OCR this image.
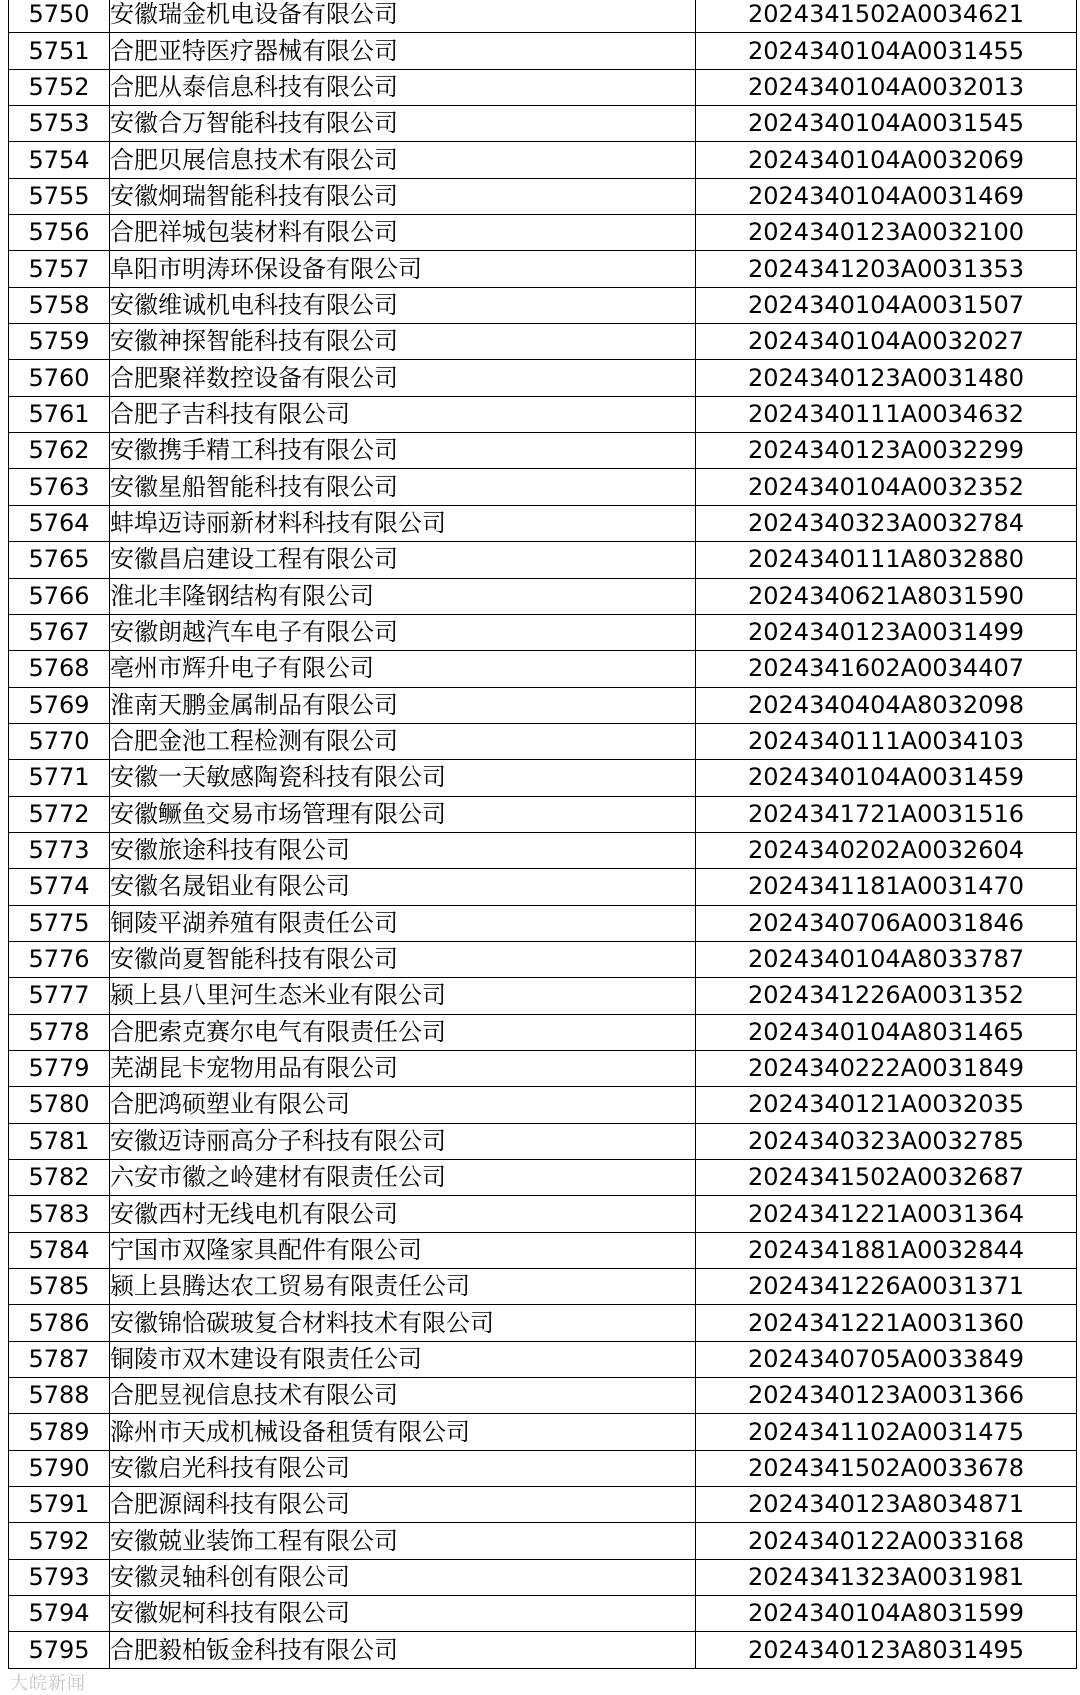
5750	安徽瑞金机电设备有限公司	2024341502A0034621
5751	合肥亚特医疗器械有限公司	2024340104A0031455
5752	合肥从泰信息科技有限公司	2024340104A0032013
5753	安徽合万智能科技有限公司	2024340104A0031545
5754	合肥贝展信息技术有限公司	2024340104A0032069
5755	安徽炯瑞智能科技有限公司	2024340104A0031469
5756	合肥祥城包装材料有限公司	2024340123A0032100
5757	阜阳市明涛环保设备有限公司	2024341203A0031353
5758	安徽维诚机电科技有限公司	2024340104A0031507
5759	安徽神探智能科技有限公司	2024340104A0032027
5760	合肥聚祥数控设备有限公司	2024340123A0031480
5761	合肥子吉科技有限公司	2024340111A0034632
5762	安徽携手精工科技有限公司	2024340123A0032299
5763	安徽星船智能科技有限公司	2024340104A0032352
5764	蚌埠迈诗丽新材料科技有限公司	2024340323A0032784
5765	安徽昌启建设工程有限公司	2024340111A8032880
5766	淮北丰隆钢结构有限公司	2024340621A8031590
5767	安徽朗越汽车电子有限公司	2024340123A0031499
5768	亳州市辉升电子有限公司	2024341602A0034407
5769	淮南天鹏金属制品有限公司	2024340404A8032098
5770	合肥金池工程检测有限公司	2024340111A0034103
5771	安徽一天敏感陶瓷科技有限公司	2024340104A0031459
5772	安徽鳜鱼交易市场管理有限公司	2024341721A0031516
5773	安徽旅途科技有限公司	2024340202A0032604
5774	安徽名晟铝业有限公司	2024341181A0031470
5775	铜陵平湖养殖有限责任公司	2024340706A0031846
5776	安徽尚夏智能科技有限公司	2024340104A8033787
5777	颍上县八里河生态米业有限公司	2024341226A0031352
5778	合肥索克赛尔电气有限责任公司	2024340104A8031465
5779	芜湖昆卡宠物用品有限公司	2024340222A0031849
5780	合肥鸿硕塑业有限公司	2024340121A0032035
5781	安徽迈诗丽高分子科技有限公司	2024340323A0032785
5782	六安市徽之岭建材有限责任公司	2024341502A0032687
5783	安徽西村无线电机有限公司	2024341221A0031364
5784	宁国市双隆家具配件有限公司	2024341881A0032844
5785	颍上县腾达农工贸易有限责任公司	2024341226A0031371
5786	安徽锦恰碳玻复合材料技术有限公司	2024341221A0031360
5787	铜陵市双木建设有限责任公司	2024340705A0033849
5788	合肥昱视信息技术有限公司	2024340123A0031366
5789	滁州市天成机械设备租赁有限公司	2024341102A0031475
5790	安徽启光科技有限公司	2024341502A0033678
5791	合肥源阔科技有限公司	2024340123A8034871
5792	安徽兢业装饰工程有限公司	2024340122A0033168
5793	安徽灵轴科创有限公司	2024341323A0031981
5794	安徽妮柯科技有限公司	2024340104A8031599
5795	合肥毅柏钣金科技有限公司	2024340123A8031495
大皖新闻
